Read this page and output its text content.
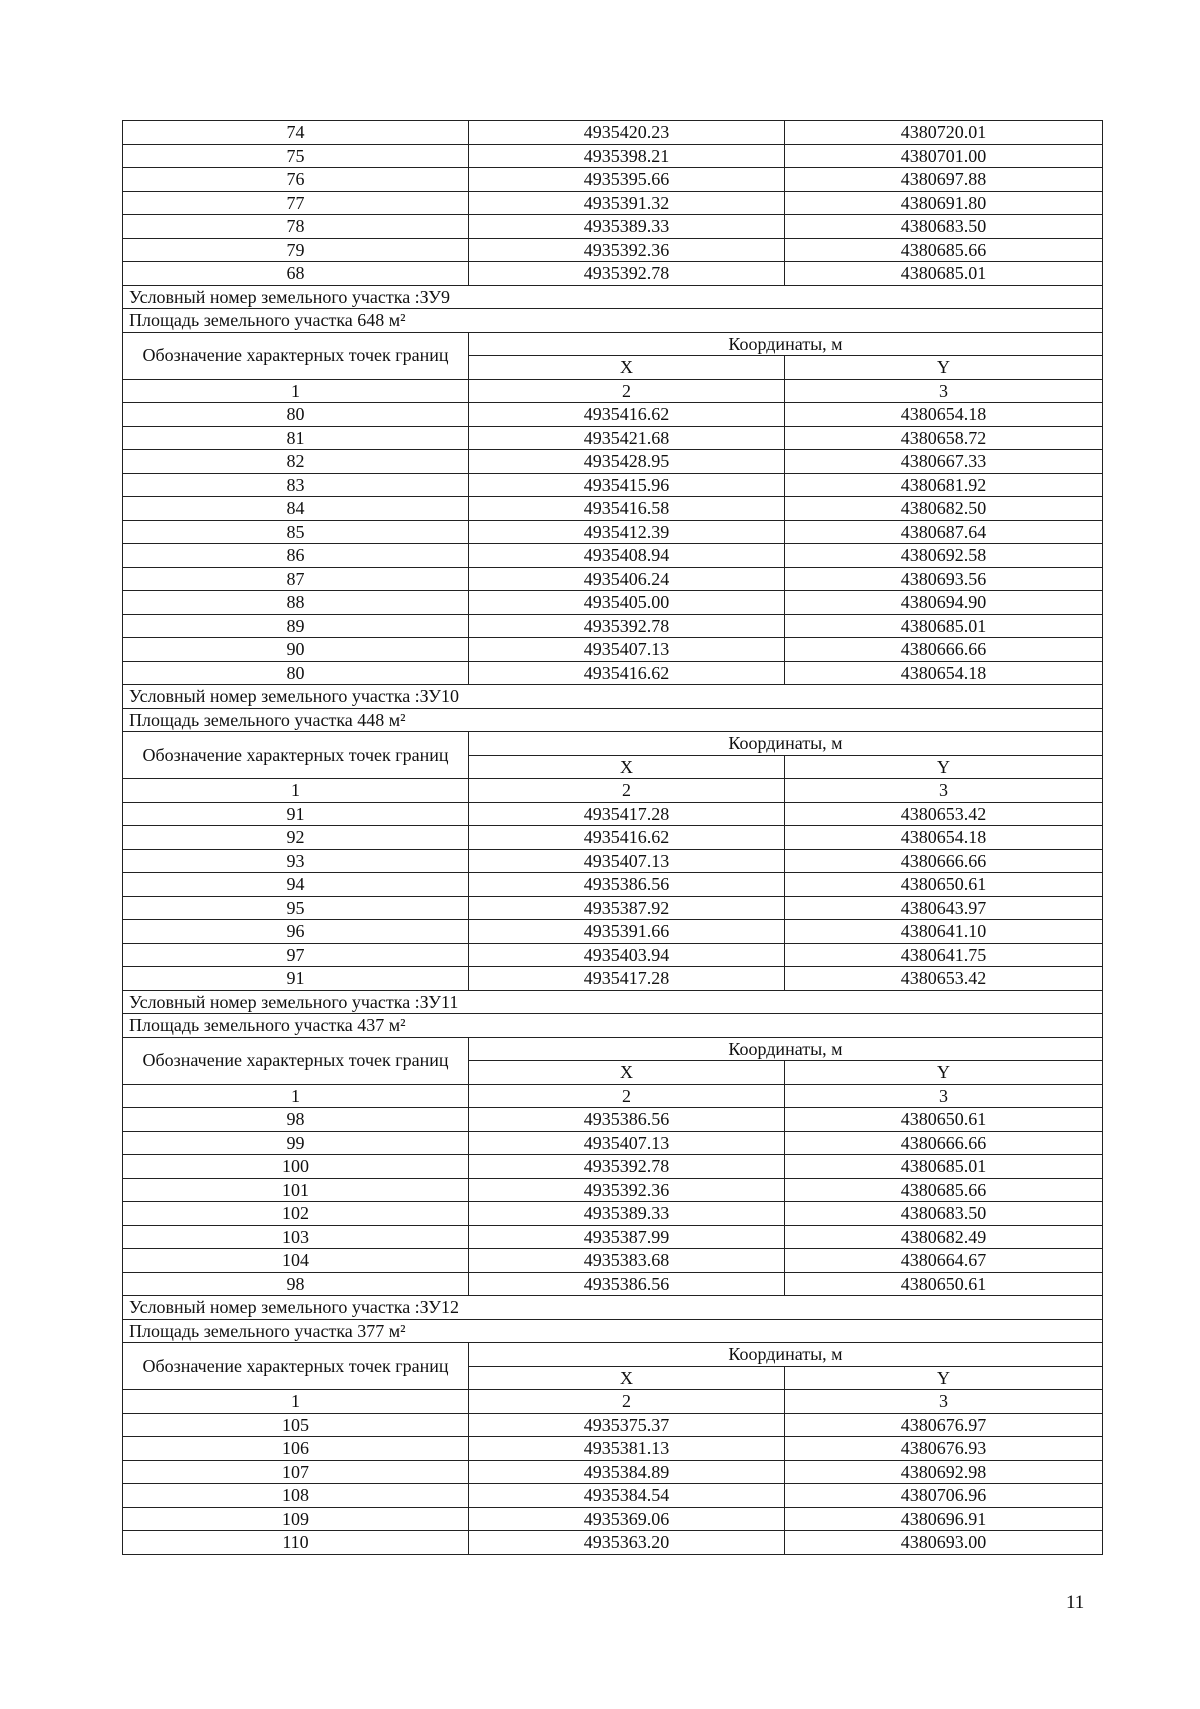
74	4935420.23	4380720.01
75	4935398.21	4380701.00
76	4935395.66	4380697.88
77	4935391.32	4380691.80
78	4935389.33	4380683.50
79	4935392.36	4380685.66
68	4935392.78	4380685.01
Условный номер земельного участка :ЗУ9		
Площадь земельного участка 648 м²		
Обозначение характерных точек границ	Координаты, м	
	X	Y
1	2	3
80	4935416.62	4380654.18
81	4935421.68	4380658.72
82	4935428.95	4380667.33
83	4935415.96	4380681.92
84	4935416.58	4380682.50
85	4935412.39	4380687.64
86	4935408.94	4380692.58
87	4935406.24	4380693.56
88	4935405.00	4380694.90
89	4935392.78	4380685.01
90	4935407.13	4380666.66
80	4935416.62	4380654.18
Условный номер земельного участка :ЗУ10		
Площадь земельного участка 448 м²		
Обозначение характерных точек границ	Координаты, м	
	X	Y
1	2	3
91	4935417.28	4380653.42
92	4935416.62	4380654.18
93	4935407.13	4380666.66
94	4935386.56	4380650.61
95	4935387.92	4380643.97
96	4935391.66	4380641.10
97	4935403.94	4380641.75
91	4935417.28	4380653.42
Условный номер земельного участка :ЗУ11		
Площадь земельного участка 437 м²		
Обозначение характерных точек границ	Координаты, м	
	X	Y
1	2	3
98	4935386.56	4380650.61
99	4935407.13	4380666.66
100	4935392.78	4380685.01
101	4935392.36	4380685.66
102	4935389.33	4380683.50
103	4935387.99	4380682.49
104	4935383.68	4380664.67
98	4935386.56	4380650.61
Условный номер земельного участка :ЗУ12		
Площадь земельного участка 377 м²		
Обозначение характерных точек границ	Координаты, м	
	X	Y
1	2	3
105	4935375.37	4380676.97
106	4935381.13	4380676.93
107	4935384.89	4380692.98
108	4935384.54	4380706.96
109	4935369.06	4380696.91
110	4935363.20	4380693.00
11
